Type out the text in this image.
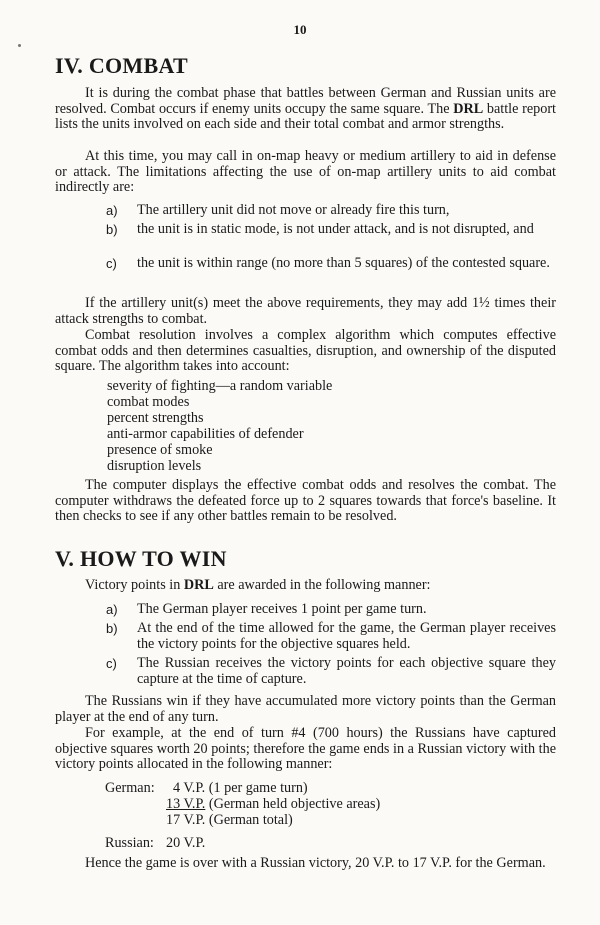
10
IV. COMBAT

It is during the combat phase that battles between German and Russian units are resolved. Combat occurs if enemy units occupy the same square. The DRL battle report lists the units involved on each side and their total combat and armor strengths.

At this time, you may call in on-map heavy or medium artillery to aid in defense or attack. The limitations affecting the use of on-map artillery units to aid combat indirectly are:

a)	The artillery unit did not move or already fire this turn,
b)	the unit is in static mode, is not under attack, and is not disrupted, and
c)	the unit is within range (no more than 5 squares) of the contested square.

If the artillery unit(s) meet the above requirements, they may add 1½ times their attack strengths to combat.

Combat resolution involves a complex algorithm which computes effective combat odds and then determines casualties, disruption, and ownership of the disputed square. The algorithm takes into account:

severity of fighting—a random variable
combat modes
percent strengths
anti-armor capabilities of defender
presence of smoke
disruption levels

The computer displays the effective combat odds and resolves the combat. The computer withdraws the defeated force up to 2 squares towards that force's baseline. It then checks to see if any other battles remain to be resolved.

V. HOW TO WIN

Victory points in DRL are awarded in the following manner:

a)	The German player receives 1 point per game turn.
b)	At the end of the time allowed for the game, the German player receives the victory points for the objective squares held.
c)	The Russian receives the victory points for each objective square they capture at the time of capture.

The Russians win if they have accumulated more victory points than the German player at the end of any turn.

For example, at the end of turn #4 (700 hours) the Russians have captured objective squares worth 20 points; therefore the game ends in a Russian victory with the victory points allocated in the following manner:

German: 4 V.P. (1 per game turn)
13 V.P. (German held objective areas)
17 V.P. (German total)
Russian: 20 V.P.

Hence the game is over with a Russian victory, 20 V.P. to 17 V.P. for the German.
